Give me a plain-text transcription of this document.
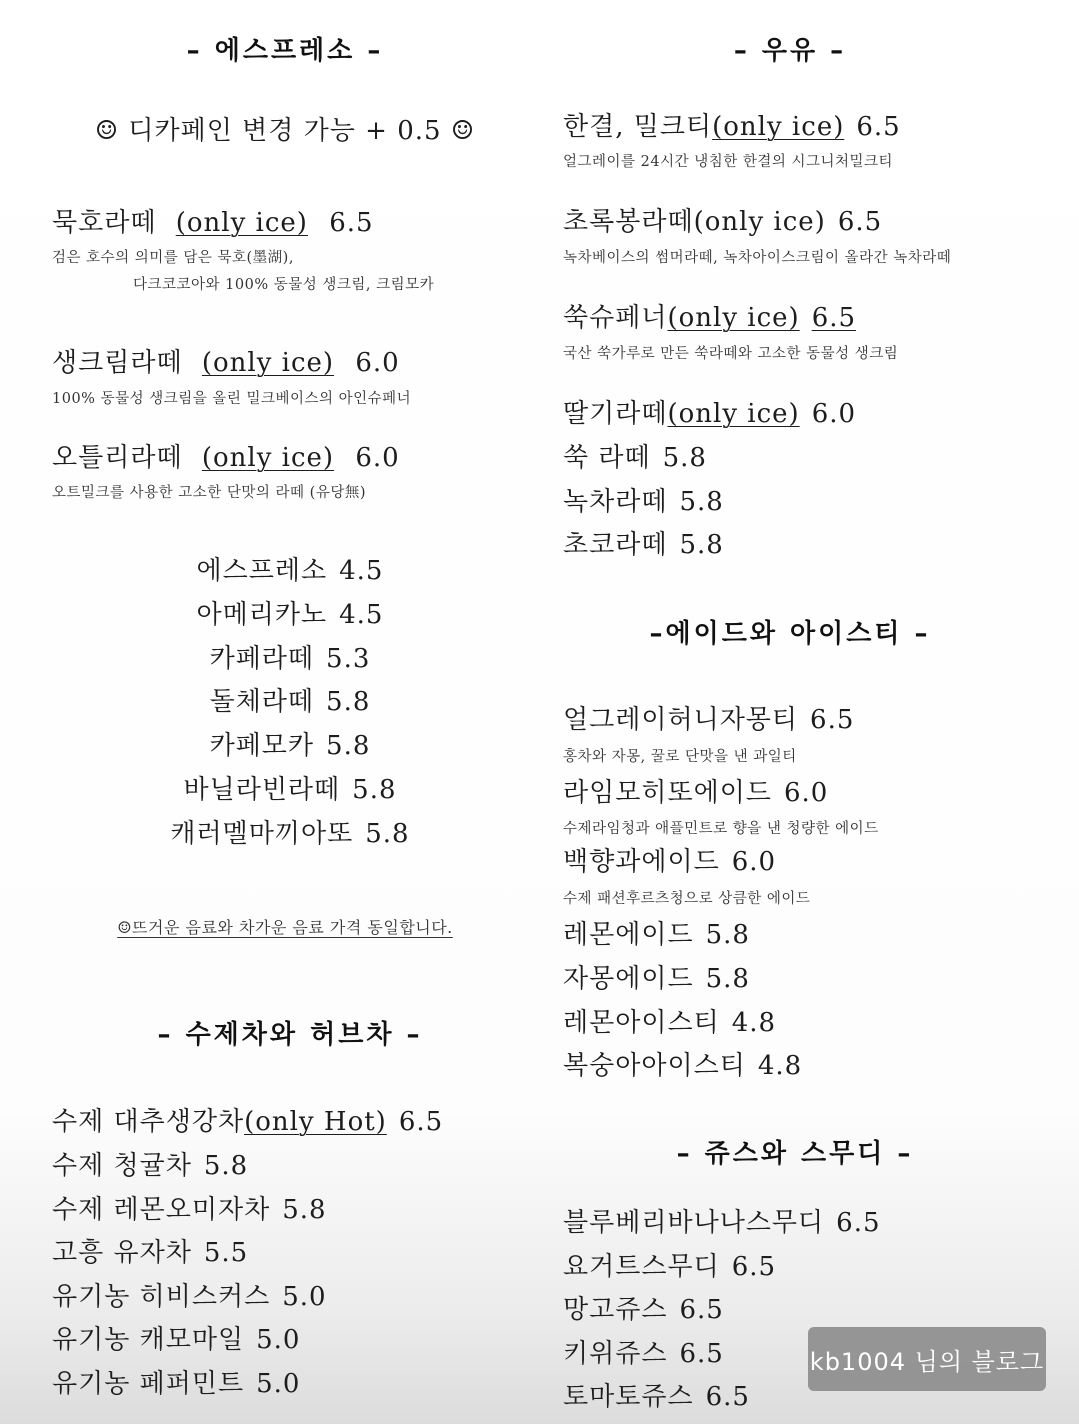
– 에스프레소 –
☺ 디카페인 변경 가능 + 0.5 ☺
묵호라떼 (only ice) 6.5
검은 호수의 의미를 담은 묵호(墨湖),
다크코코아와 100% 동물성 생크림, 크림모카
생크림라떼 (only ice) 6.0
100% 동물성 생크림을 올린 밀크베이스의 아인슈페너
오틀리라떼 (only ice) 6.0
오트밀크를 사용한 고소한 단맛의 라떼 (유당無)
에스프레소 4.5
아메리카노 4.5
카페라떼 5.3
돌체라떼 5.8
카페모카 5.8
바닐라빈라떼 5.8
캐러멜마끼아또 5.8
☺뜨거운 음료와 차가운 음료 가격 동일합니다.
– 수제차와 허브차 –
수제 대추생강차(only Hot) 6.5
수제 청귤차 5.8
수제 레몬오미자차 5.8
고흥 유자차 5.5
유기농 히비스커스 5.0
유기농 캐모마일 5.0
유기농 페퍼민트 5.0
– 우유 –
한결, 밀크티(only ice) 6.5
얼그레이를 24시간 냉침한 한결의 시그니처밀크티
초록봉라떼(only ice) 6.5
녹차베이스의 썸머라떼, 녹차아이스크림이 올라간 녹차라떼
쑥슈페너(only ice) 6.5
국산 쑥가루로 만든 쑥라떼와 고소한 동물성 생크림
딸기라떼(only ice) 6.0
쑥 라떼 5.8
녹차라떼 5.8
초코라떼 5.8
–에이드와 아이스티 –
얼그레이허니자몽티 6.5
홍차와 자몽, 꿀로 단맛을 낸 과일티
라임모히또에이드 6.0
수제라임청과 애플민트로 향을 낸 청량한 에이드
백향과에이드 6.0
수제 패션후르츠청으로 상큼한 에이드
레몬에이드 5.8
자몽에이드 5.8
레몬아이스티 4.8
복숭아아이스티 4.8
– 쥬스와 스무디 –
블루베리바나나스무디 6.5
요거트스무디 6.5
망고쥬스 6.5
키위쥬스 6.5
토마토쥬스 6.5
kb1004 님의 블로그
